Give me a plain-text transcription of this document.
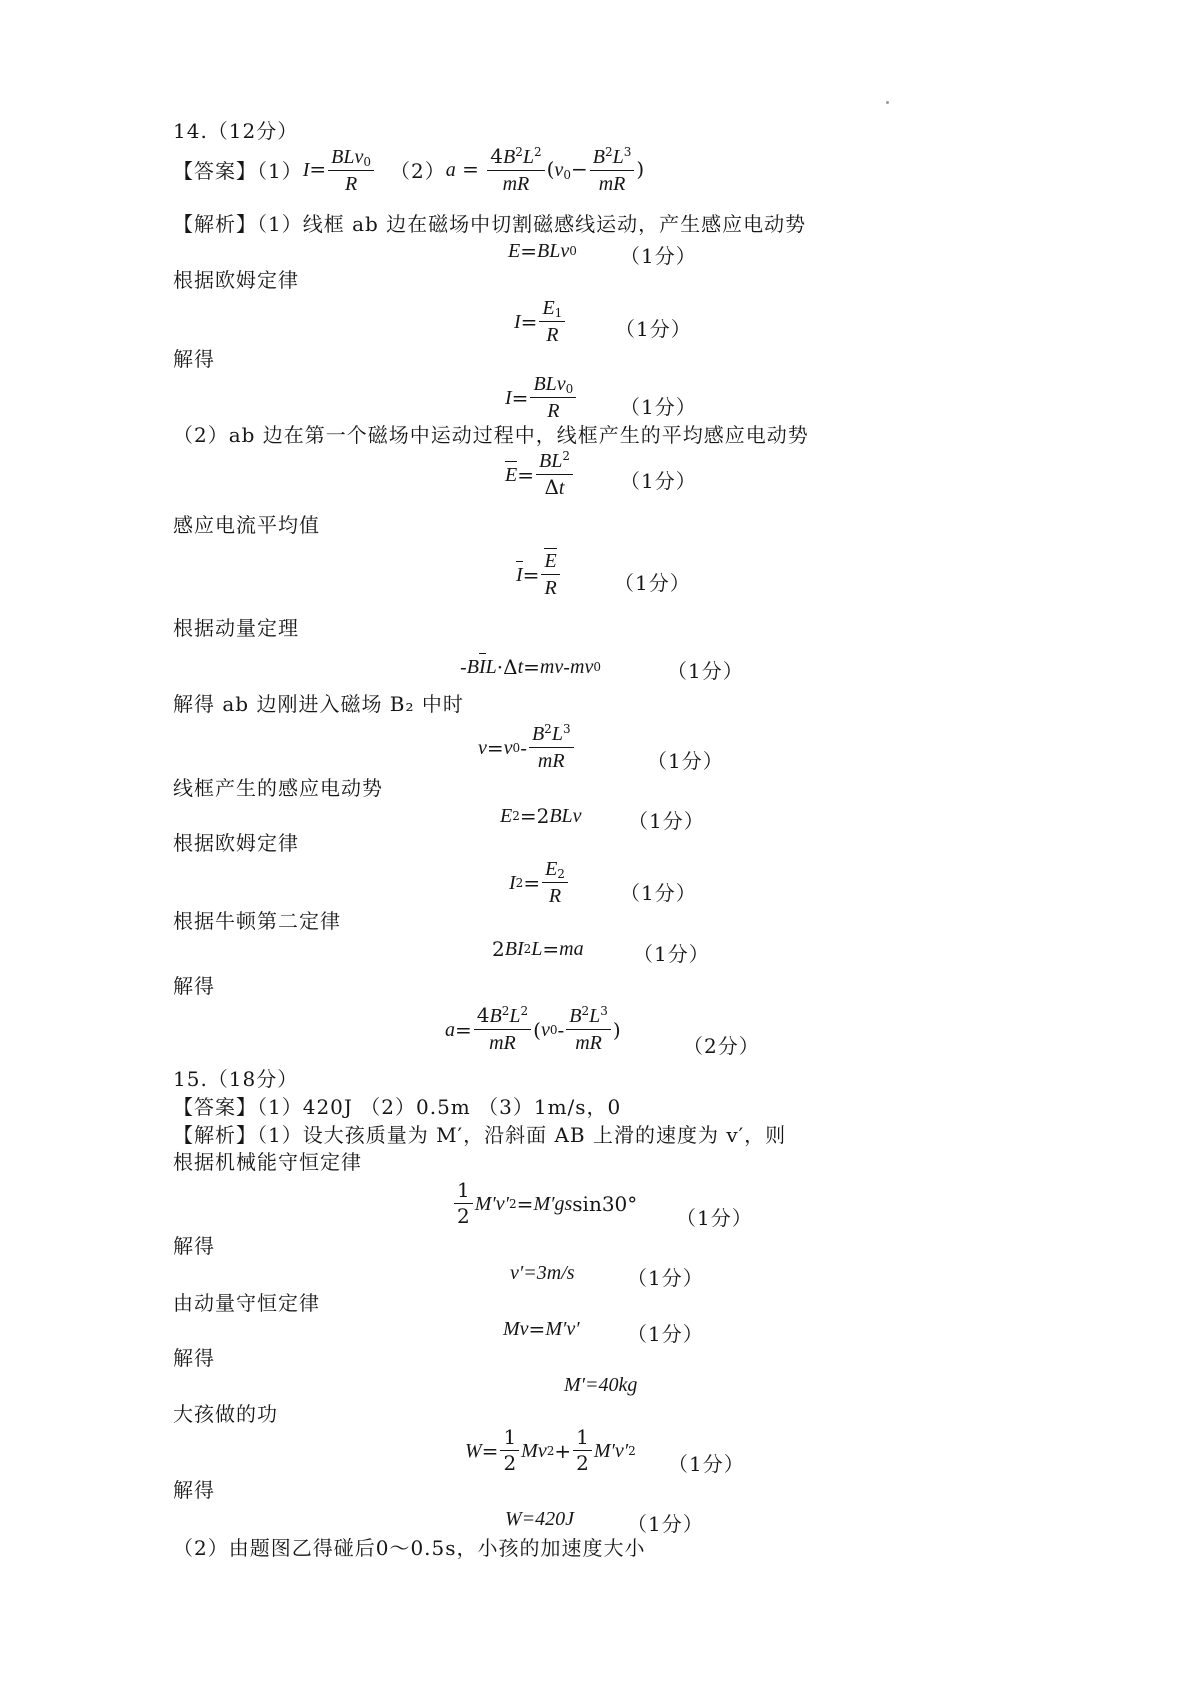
14.（12分）
【答案】（1） $I= \frac{BLv_0}{R} (2) a = \frac{4B^2L^2}{mR} (v_0- \frac{B^2L^3}{mR}$ )
【解析】（1）线框 ab 边在磁场中切割磁感线运动，产生感应电动势
E = BLv 0 （1分）
根据欧姆定律
$I = \frac{E_1}{R} (1$分）
解得
$I = \frac{BLv_0}{R} (1$分）
（2）ab 边在第一个磁场中运动过程中，线框产生的平均感应电动势
$E = \frac{BL^2}{\Delta t} (1$分）
感应电流平均值
$I = \frac{E}{R}$	（1分）
根据动量定理
- B I L ·Δ t = mv - mv 0	（1分）
解得 ab 边刚进入磁场 B₂ 中时
v = v $0 - \frac{B^2L^3}{mR}$	（1分）
线框产生的感应电动势
E 2 =2 BLv （1分）
根据欧姆定律
I $2 = \frac{E_2}{R}$	（1分）
根据牛顿第二定律
2 BI 2 L = ma （1分）
解得
$a = \frac{4B^2L^2}{mR}$ ( v $0 - \frac{B^2L^3}{mR}$ )
（2分）
15.（18分）
【答案】（1）420J （2）0.5m （3）1m/s，0
【解析】（1）设大孩质量为 M′，沿斜面 AB 上滑的速度为 v′，则
根据机械能守恒定律
$\frac{1}{2} M'v'$ 2 = M′g s sin30°
（1分）
解得
v′=3m/s	（1分）
由动量守恒定律
Mv = M′v′ （1分）
解得
M′=40kg
大孩做的功
$W = \frac{1}{2}$ Mv $2 + \frac{1}{2} M'v'$ 2
（1分）
解得
W=420J	（1分）
（2）由题图乙得碰后0～0.5s，小孩的加速度大小
